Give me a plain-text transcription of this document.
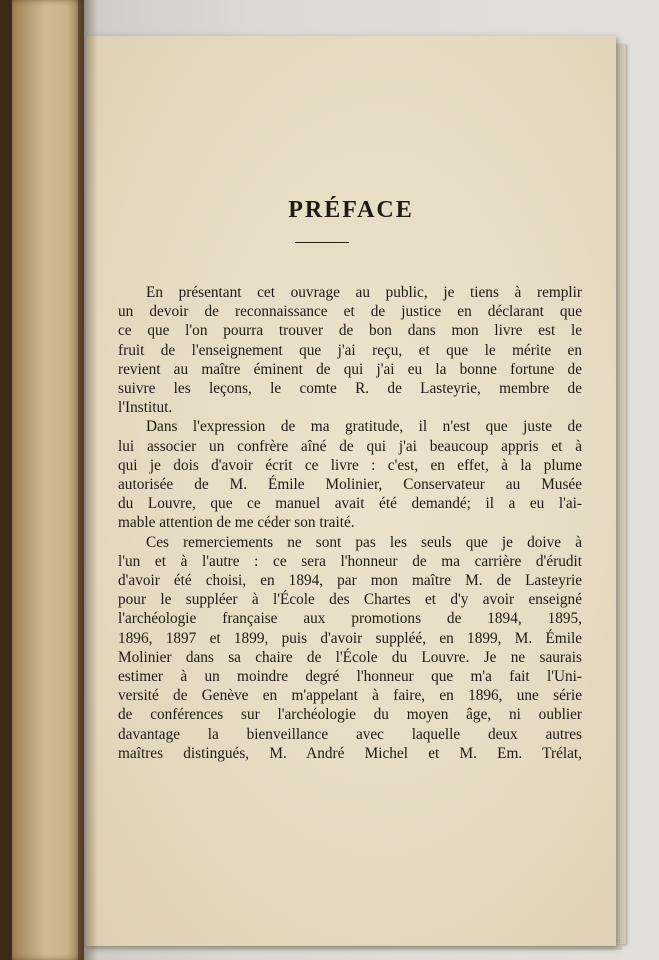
PRÉFACE
En présentant cet ouvrage au public, je tiens à remplir
un devoir de reconnaissance et de justice en déclarant que
ce que l'on pourra trouver de bon dans mon livre est le
fruit de l'enseignement que j'ai reçu, et que le mérite en
revient au maître éminent de qui j'ai eu la bonne fortune de
suivre les leçons, le comte R. de Lasteyrie, membre de
l'Institut.
Dans l'expression de ma gratitude, il n'est que juste de
lui associer un confrère aîné de qui j'ai beaucoup appris et à
qui je dois d'avoir écrit ce livre : c'est, en effet, à la plume
autorisée de M. Émile Molinier, Conservateur au Musée
du Louvre, que ce manuel avait été demandé; il a eu l'ai-
mable attention de me céder son traité.
Ces remerciements ne sont pas les seuls que je doive à
l'un et à l'autre : ce sera l'honneur de ma carrière d'érudit
d'avoir été choisi, en 1894, par mon maître M. de Lasteyrie
pour le suppléer à l'École des Chartes et d'y avoir enseigné
l'archéologie française aux promotions de 1894, 1895,
1896, 1897 et 1899, puis d'avoir suppléé, en 1899, M. Émile
Molinier dans sa chaire de l'École du Louvre. Je ne saurais
estimer à un moindre degré l'honneur que m'a fait l'Uni-
versité de Genève en m'appelant à faire, en 1896, une série
de conférences sur l'archéologie du moyen âge, ni oublier
davantage la bienveillance avec laquelle deux autres
maîtres distingués, M. André Michel et M. Em. Trélat,
